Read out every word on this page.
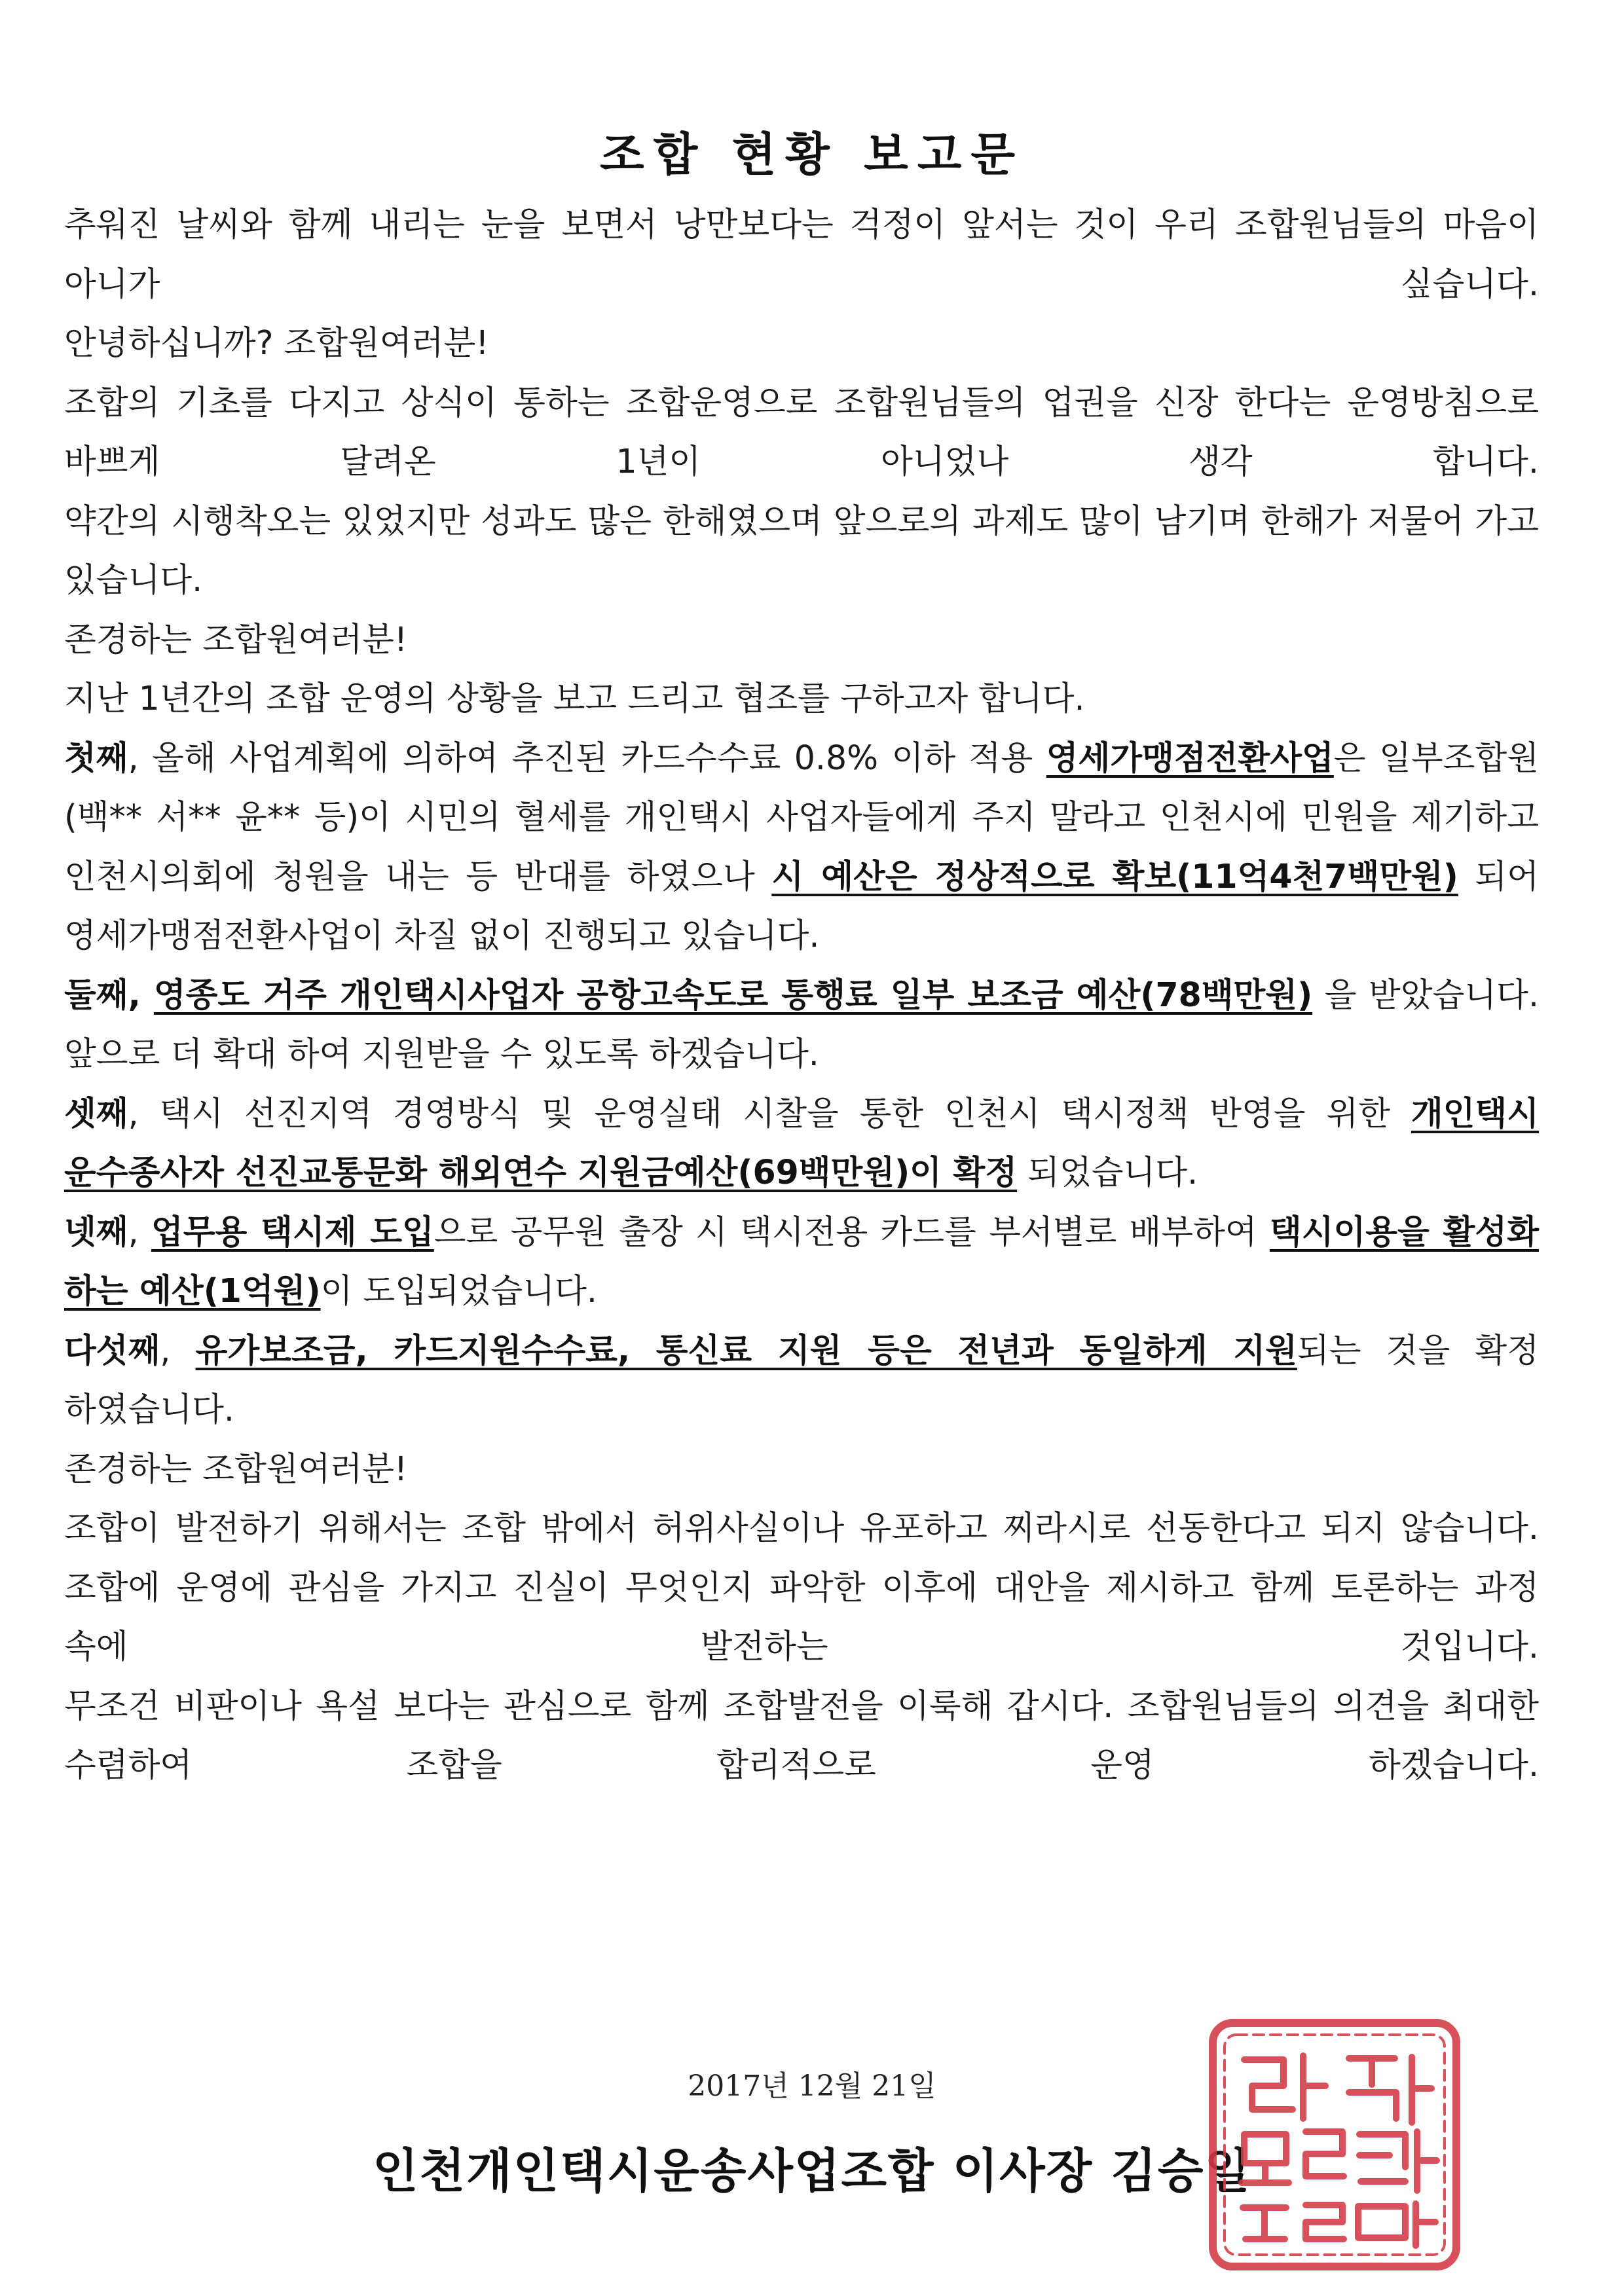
조합 현황 보고문

추워진 날씨와 함께 내리는 눈을 보면서 낭만보다는 걱정이 앞서는 것이 우리 조합원님들의 마음이 아니가 싶습니다.

안녕하십니까? 조합원여러분!

조합의 기초를 다지고 상식이 통하는 조합운영으로 조합원님들의 업권을 신장 한다는 운영방침으로 바쁘게 달려온 1년이 아니었나 생각 합니다.

약간의 시행착오는 있었지만 성과도 많은 한해였으며 앞으로의 과제도 많이 남기며 한해가 저물어 가고 있습니다.

존경하는 조합원여러분!

지난 1년간의 조합 운영의 상황을 보고 드리고 협조를 구하고자 합니다.

첫째, 올해 사업계획에 의하여 추진된 카드수수료 0.8% 이하 적용 영세가맹점전환사업은 일부조합원(백** 서** 윤** 등)이 시민의 혈세를 개인택시 사업자들에게 주지 말라고 인천시에 민원을 제기하고 인천시의회에 청원을 내는 등 반대를 하였으나 시 예산은 정상적으로 확보(11억4천7백만원) 되어 영세가맹점전환사업이 차질 없이 진행되고 있습니다.

둘째, 영종도 거주 개인택시사업자 공항고속도로 통행료 일부 보조금 예산(78백만원) 을 받았습니다. 앞으로 더 확대 하여 지원받을 수 있도록 하겠습니다.

셋째, 택시 선진지역 경영방식 및 운영실태 시찰을 통한 인천시 택시정책 반영을 위한 개인택시 운수종사자 선진교통문화 해외연수 지원금예산(69백만원)이 확정 되었습니다.

넷째, 업무용 택시제 도입으로 공무원 출장 시 택시전용 카드를 부서별로 배부하여 택시이용을 활성화 하는 예산(1억원)이 도입되었습니다.

다섯째, 유가보조금, 카드지원수수료, 통신료 지원 등은 전년과 동일하게 지원되는 것을 확정 하였습니다.

존경하는 조합원여러분!

조합이 발전하기 위해서는 조합 밖에서 허위사실이나 유포하고 찌라시로 선동한다고 되지 않습니다.

조합에 운영에 관심을 가지고 진실이 무엇인지 파악한 이후에 대안을 제시하고 함께 토론하는 과정 속에 발전하는 것입니다.

무조건 비판이나 욕설 보다는 관심으로 함께 조합발전을 이룩해 갑시다. 조합원님들의 의견을 최대한 수렴하여 조합을 합리적으로 운영 하겠습니다.

2017년 12월 21일
인천개인택시운송사업조합 이사장 김승일
